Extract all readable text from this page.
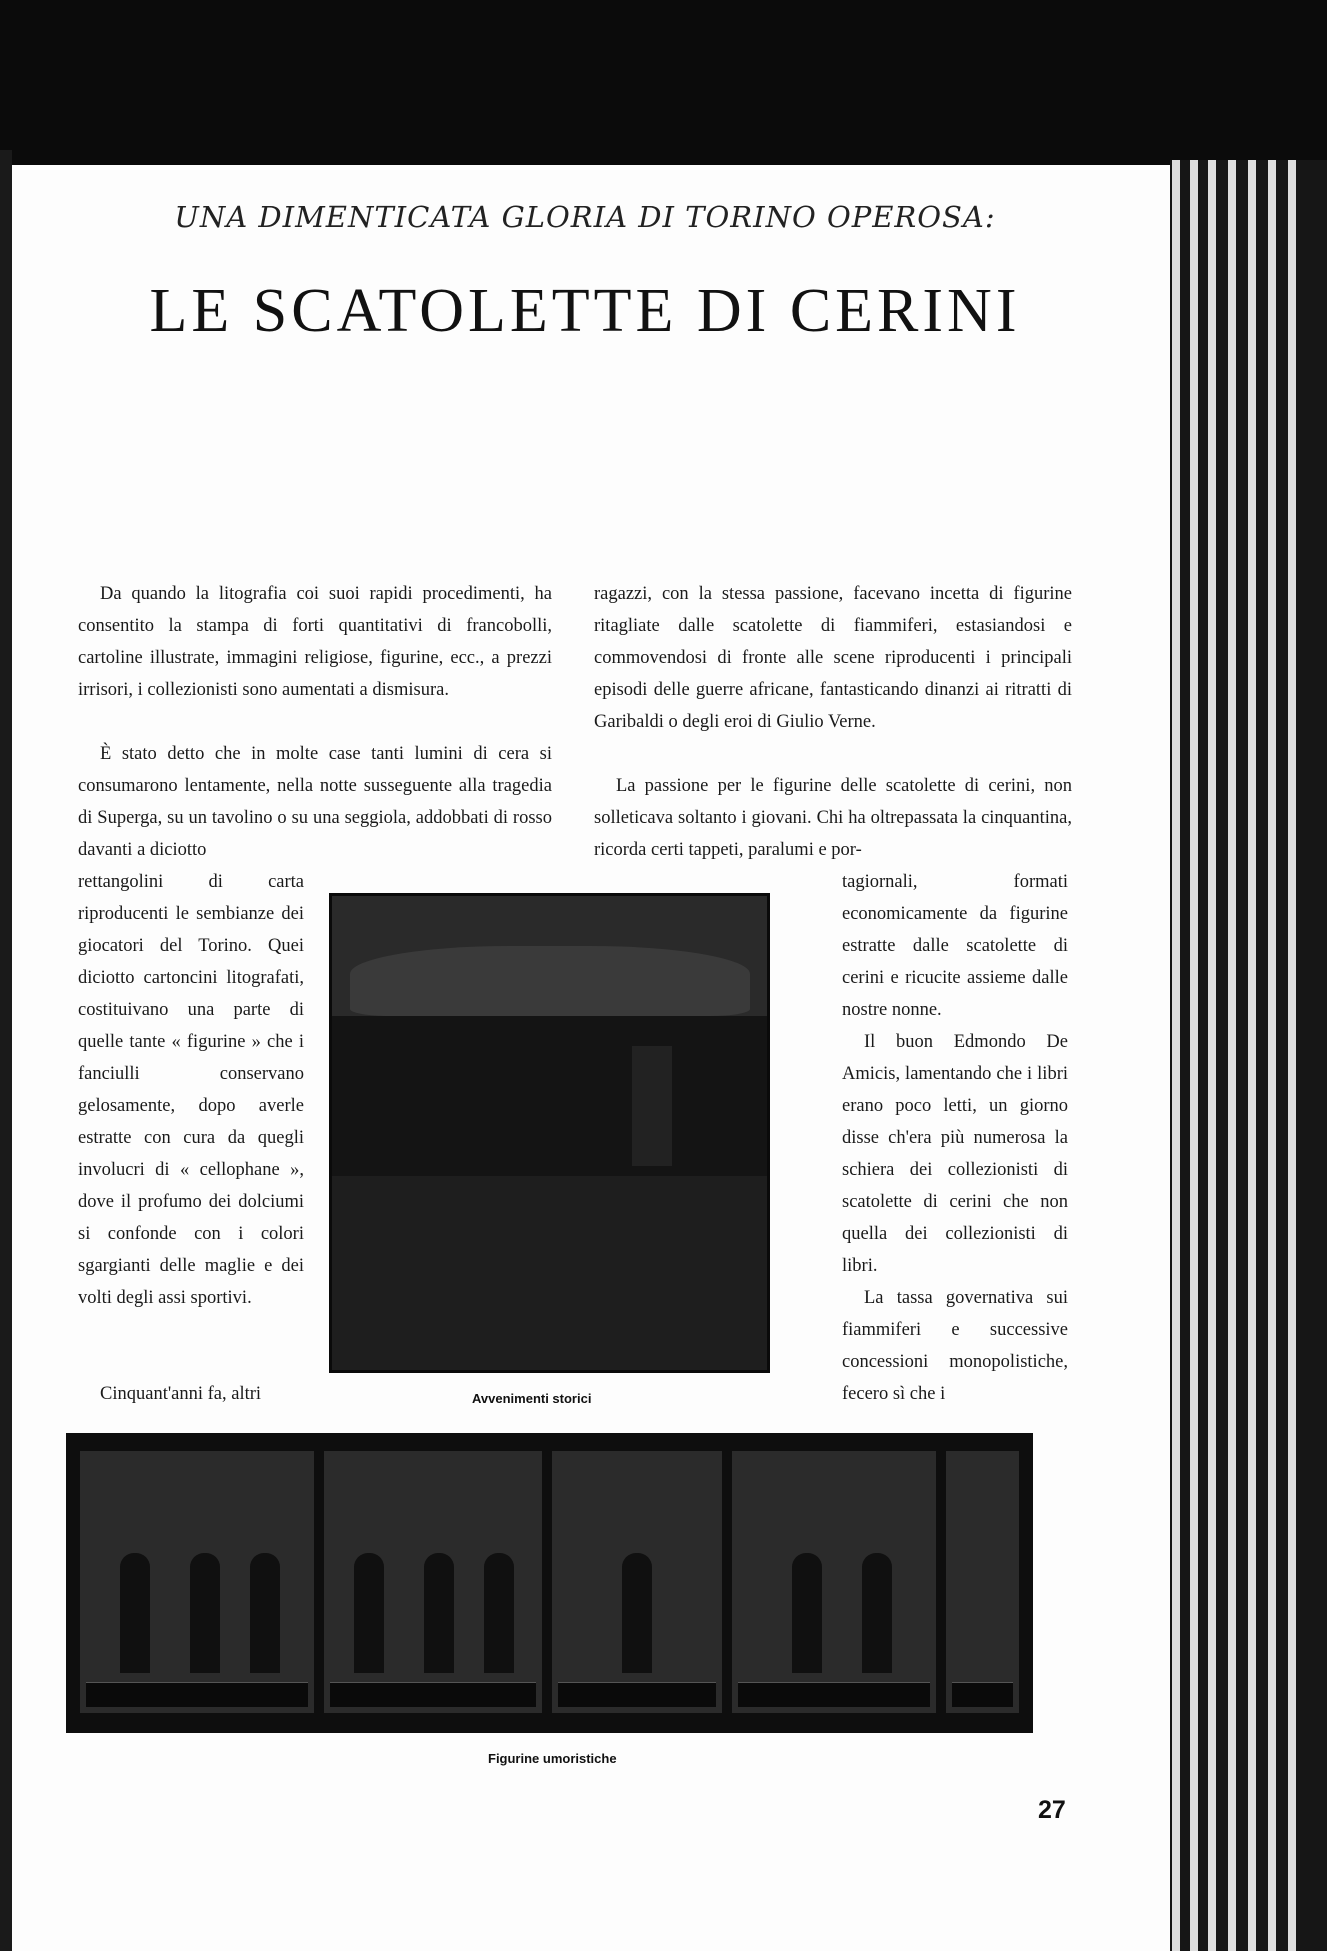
UNA DIMENTICATA GLORIA DI TORINO OPEROSA:
LE SCATOLETTE DI CERINI

Da quando la litografia coi suoi rapidi procedimenti, ha consentito la stampa di forti quantitativi di francobolli, cartoline illustrate, immagini religiose, figurine, ecc., a prezzi irrisori, i collezionisti sono aumentati a dismisura.

È stato detto che in molte case tanti lumini di cera si consumarono lentamente, nella notte susseguente alla tragedia di Superga, su un tavolino o su una seggiola, addobbati di rosso davanti a diciotto

rettangolini di carta riproducenti le sembianze dei giocatori del Torino. Quei diciotto cartoncini litografati, costituivano una parte di quelle tante « figurine » che i fanciulli conservano gelosamente, dopo averle estratte con cura da quegli involucri di « cellophane », dove il profumo dei dolciumi si confonde con i colori sgargianti delle maglie e dei volti degli assi sportivi.

Cinquant'anni fa, altri	Avvenimenti storici

ragazzi, con la stessa passione, facevano incetta di figurine ritagliate dalle scatolette di fiammiferi, estasiandosi e commovendosi di fronte alle scene riproducenti i principali episodi delle guerre africane, fantasticando dinanzi ai ritratti di Garibaldi o degli eroi di Giulio Verne.

La passione per le figurine delle scatolette di cerini, non solleticava soltanto i giovani. Chi ha oltrepassata la cinquantina, ricorda certi tappeti, paralumi e por-

tagiornali, formati economicamente da figurine estratte dalle scatolette di cerini e ricucite assieme dalle nostre nonne.

Il buon Edmondo De Amicis, lamentando che i libri erano poco letti, un giorno disse ch'era più numerosa la schiera dei collezionisti di scatolette di cerini che non quella dei collezionisti di libri.

La tassa governativa sui fiammiferi e successive concessioni monopolistiche, fecero sì che i

Figurine umoristiche
27
